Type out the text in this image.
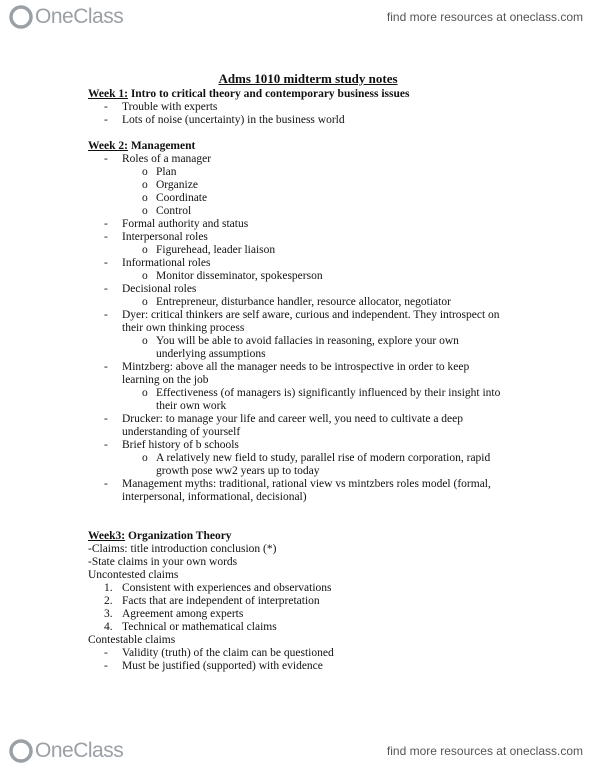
OneClass	find more resources at oneclass.com

Adms 1010 midterm study notes

Week 1: Intro to critical theory and contemporary business issues

- Trouble with experts

- Lots of noise (uncertainty) in the business world

Week 2: Management

- Roles of a manager

o Plan

o Organize

o Coordinate

o Control

- Formal authority and status

- Interpersonal roles

o Figurehead, leader liaison

- Informational roles

o Monitor disseminator, spokesperson

- Decisional roles

o Entrepreneur, disturbance handler, resource allocator, negotiator

- Dyer: critical thinkers are self aware, curious and independent. They introspect on

their own thinking process

o You will be able to avoid fallacies in reasoning, explore your own

underlying assumptions

- Mintzberg: above all the manager needs to be introspective in order to keep

learning on the job

o Effectiveness (of managers is) significantly influenced by their insight into

their own work

- Drucker: to manage your life and career well, you need to cultivate a deep

understanding of yourself

- Brief history of b schools

o A relatively new field to study, parallel rise of modern corporation, rapid

growth pose ww2 years up to today

- Management myths: traditional, rational view vs mintzbers roles model (formal,

interpersonal, informational, decisional)

Week3: Organization Theory

-Claims: title introduction conclusion (*)

-State claims in your own words

Uncontested claims

1. Consistent with experiences and observations

2. Facts that are independent of interpretation

3. Agreement among experts

4. Technical or mathematical claims

Contestable claims

- Validity (truth) of the claim can be questioned

- Must be justified (supported) with evidence

OneClass	find more resources at oneclass.com
